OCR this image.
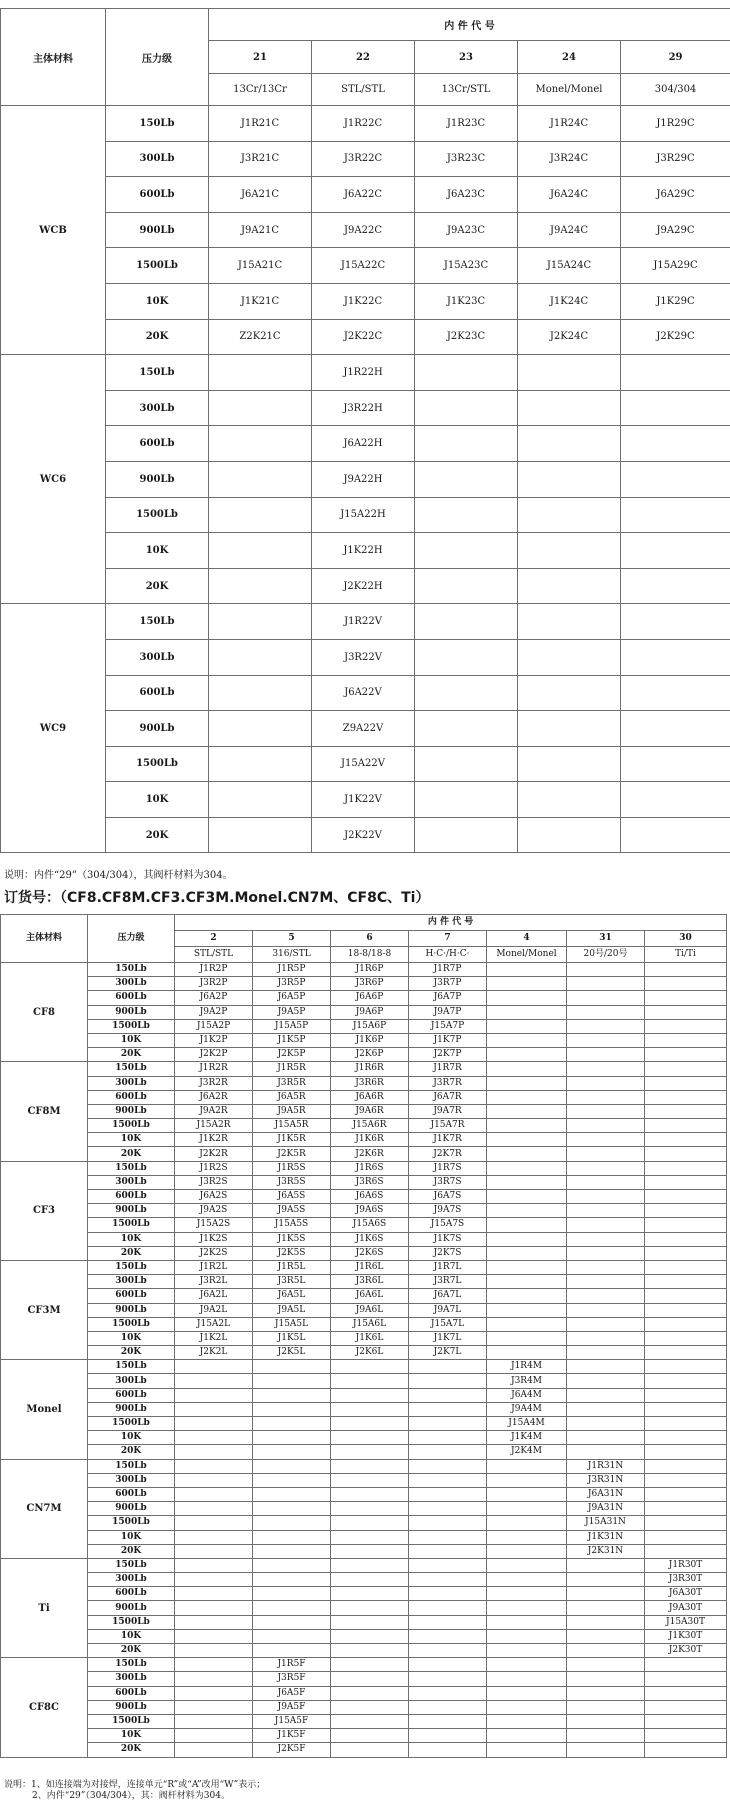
主体材料	压力级	内 件 代 号				
		21	22	23	24	29
		13Cr/13Cr	STL/STL	13Cr/STL	Monel/Monel	304/304
WCB	150Lb	J1R21C	J1R22C	J1R23C	J1R24C	J1R29C
	300Lb	J3R21C	J3R22C	J3R23C	J3R24C	J3R29C
	600Lb	J6A21C	J6A22C	J6A23C	J6A24C	J6A29C
	900Lb	J9A21C	J9A22C	J9A23C	J9A24C	J9A29C
	1500Lb	J15A21C	J15A22C	J15A23C	J15A24C	J15A29C
	10K	J1K21C	J1K22C	J1K23C	J1K24C	J1K29C
	20K	Z2K21C	J2K22C	J2K23C	J2K24C	J2K29C
WC6	150Lb		J1R22H			
	300Lb		J3R22H			
	600Lb		J6A22H			
	900Lb		J9A22H			
	1500Lb		J15A22H			
	10K		J1K22H			
	20K		J2K22H			
WC9	150Lb		J1R22V			
	300Lb		J3R22V			
	600Lb		J6A22V			
	900Lb		Z9A22V			
	1500Lb		J15A22V			
	10K		J1K22V			
	20K		J2K22V			
说明：内件“29”（304/304），其阀杆材料为304。
订货号：（CF8.CF8M.CF3.CF3M.Monel.CN7M、CF8C、Ti）
主体材料	压力级	内 件 代 号						
		2	5	6	7	4	31	30
		STL/STL	316/STL	18-8/18-8	H·C·/H·C·	Monel/Monel	20号/20号	Ti/Ti
CF8	150Lb	J1R2P	J1R5P	J1R6P	J1R7P			
	300Lb	J3R2P	J3R5P	J3R6P	J3R7P			
	600Lb	J6A2P	J6A5P	J6A6P	J6A7P			
	900Lb	J9A2P	J9A5P	J9A6P	J9A7P			
	1500Lb	J15A2P	J15A5P	J15A6P	J15A7P			
	10K	J1K2P	J1K5P	J1K6P	J1K7P			
	20K	J2K2P	J2K5P	J2K6P	J2K7P			
CF8M	150Lb	J1R2R	J1R5R	J1R6R	J1R7R			
	300Lb	J3R2R	J3R5R	J3R6R	J3R7R			
	600Lb	J6A2R	J6A5R	J6A6R	J6A7R			
	900Lb	J9A2R	J9A5R	J9A6R	J9A7R			
	1500Lb	J15A2R	J15A5R	J15A6R	J15A7R			
	10K	J1K2R	J1K5R	J1K6R	J1K7R			
	20K	J2K2R	J2K5R	J2K6R	J2K7R			
CF3	150Lb	J1R2S	J1R5S	J1R6S	J1R7S			
	300Lb	J3R2S	J3R5S	J3R6S	J3R7S			
	600Lb	J6A2S	J6A5S	J6A6S	J6A7S			
	900Lb	J9A2S	J9A5S	J9A6S	J9A7S			
	1500Lb	J15A2S	J15A5S	J15A6S	J15A7S			
	10K	J1K2S	J1K5S	J1K6S	J1K7S			
	20K	J2K2S	J2K5S	J2K6S	J2K7S			
CF3M	150Lb	J1R2L	J1R5L	J1R6L	J1R7L			
	300Lb	J3R2L	J3R5L	J3R6L	J3R7L			
	600Lb	J6A2L	J6A5L	J6A6L	J6A7L			
	900Lb	J9A2L	J9A5L	J9A6L	J9A7L			
	1500Lb	J15A2L	J15A5L	J15A6L	J15A7L			
	10K	J1K2L	J1K5L	J1K6L	J1K7L			
	20K	J2K2L	J2K5L	J2K6L	J2K7L			
Monel	150Lb					J1R4M		
	300Lb					J3R4M		
	600Lb					J6A4M		
	900Lb					J9A4M		
	1500Lb					J15A4M		
	10K					J1K4M		
	20K					J2K4M		
CN7M	150Lb						J1R31N	
	300Lb						J3R31N	
	600Lb						J6A31N	
	900Lb						J9A31N	
	1500Lb						J15A31N	
	10K						J1K31N	
	20K						J2K31N	
Ti	150Lb							J1R30T
	300Lb							J3R30T
	600Lb							J6A30T
	900Lb							J9A30T
	1500Lb							J15A30T
	10K							J1K30T
	20K							J2K30T
CF8C	150Lb		J1R5F					
	300Lb		J3R5F					
	600Lb		J6A5F					
	900Lb		J9A5F					
	1500Lb		J15A5F					
	10K		J1K5F					
	20K		J2K5F					
说明：1、如连接端为对接焊，连接单元“R”或“A”改用“W”表示；
2、内件“29”（304/304），其：阀杆材料为304。
